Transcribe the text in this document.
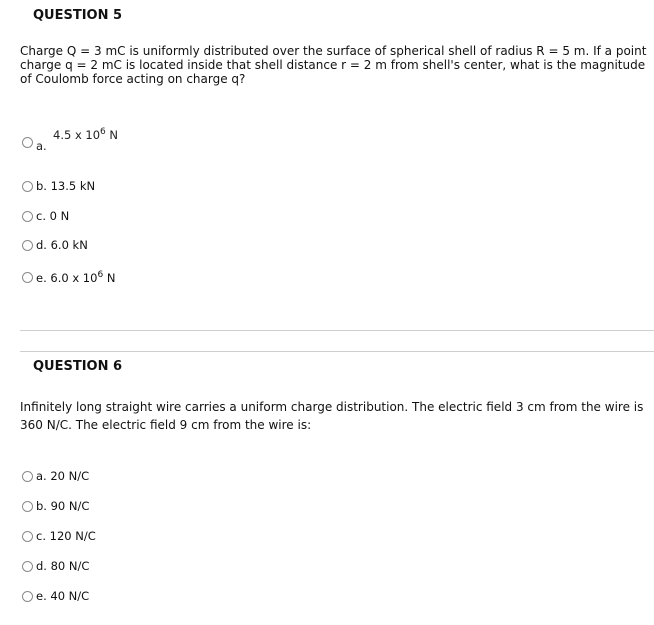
QUESTION 5
Charge Q = 3 mC is uniformly distributed over the surface of spherical shell of radius R = 5 m. If a point charge q = 2 mC is located inside that shell distance r = 2 m from shell's center, what is the magnitude of Coulomb force acting on charge q?
a.
4.5 x $10^6$ N
b. 13.5 kN
c. 0 N
d. 6.0 kN
e. 6.0 x $10^6$ N
QUESTION 6
Infinitely long straight wire carries a uniform charge distribution. The electric field 3 cm from the wire is 360 N/C. The electric field 9 cm from the wire is:
a. 20 N/C
b. 90 N/C
c. 120 N/C
d. 80 N/C
e. 40 N/C
